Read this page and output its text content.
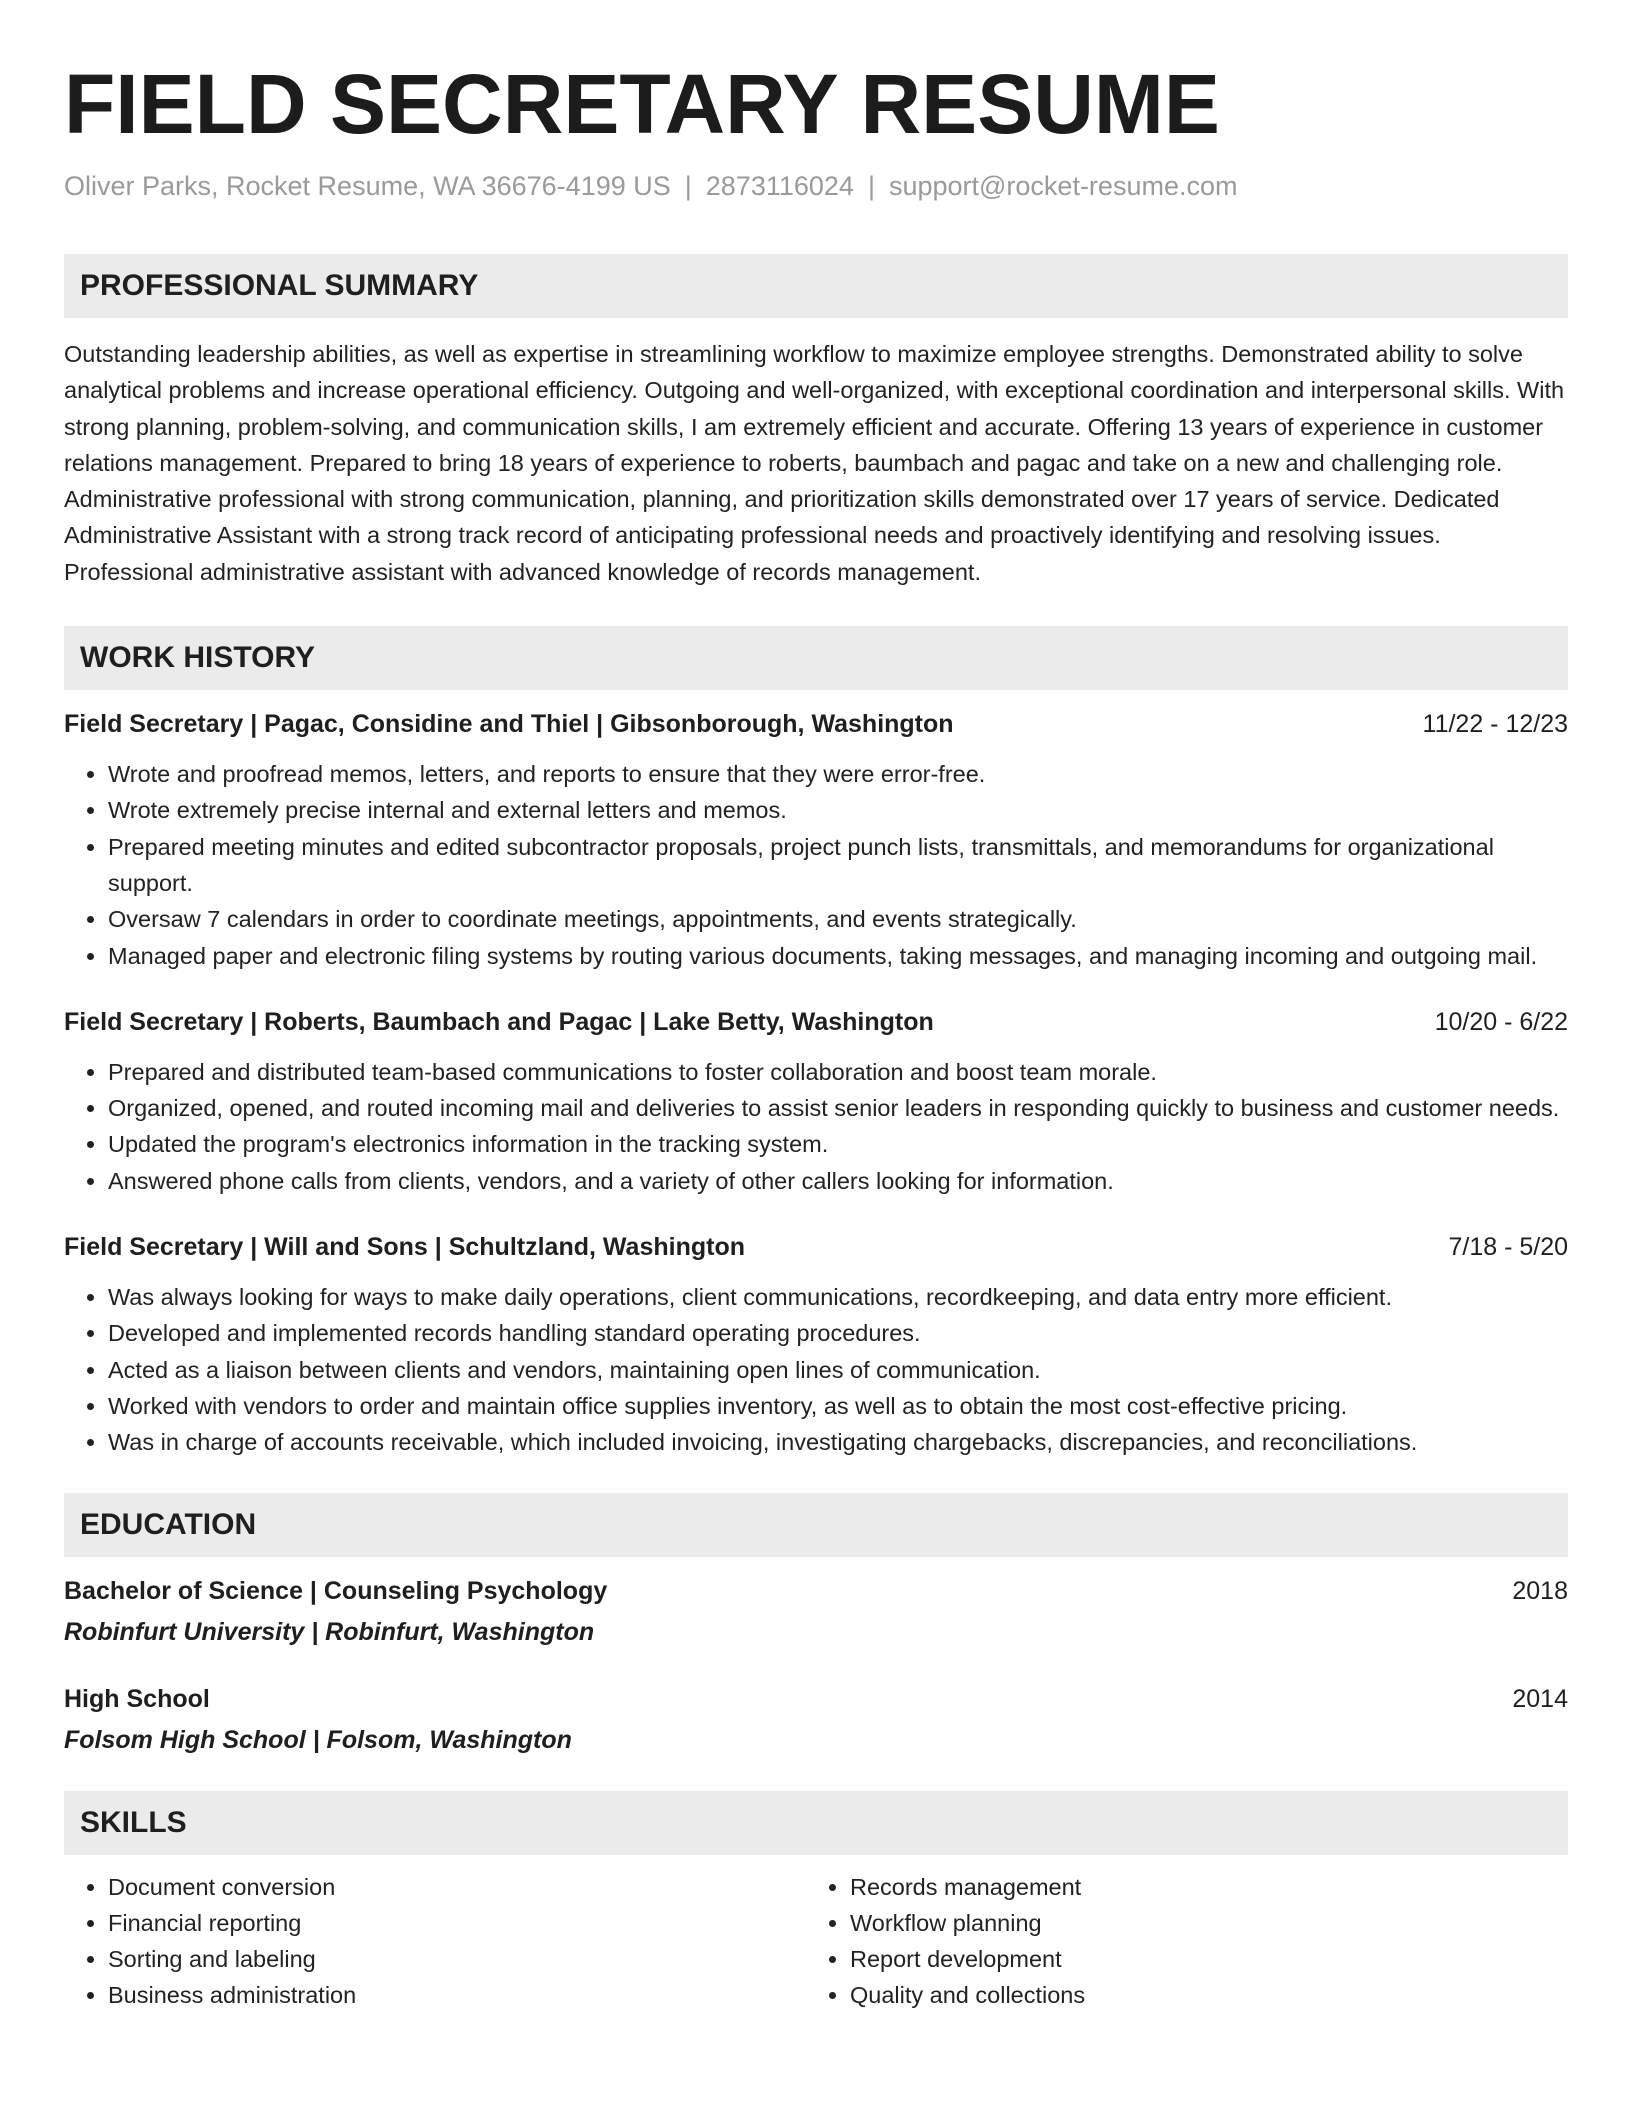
FIELD SECRETARY RESUME
Oliver Parks, Rocket Resume, WA 36676-4199 US | 2873116024 | support@rocket-resume.com
PROFESSIONAL SUMMARY
Outstanding leadership abilities, as well as expertise in streamlining workflow to maximize employee strengths. Demonstrated ability to solve analytical problems and increase operational efficiency. Outgoing and well-organized, with exceptional coordination and interpersonal skills. With strong planning, problem-solving, and communication skills, I am extremely efficient and accurate. Offering 13 years of experience in customer relations management. Prepared to bring 18 years of experience to roberts, baumbach and pagac and take on a new and challenging role. Administrative professional with strong communication, planning, and prioritization skills demonstrated over 17 years of service. Dedicated Administrative Assistant with a strong track record of anticipating professional needs and proactively identifying and resolving issues. Professional administrative assistant with advanced knowledge of records management.
WORK HISTORY
Field Secretary | Pagac, Considine and Thiel | Gibsonborough, Washington	11/22 - 12/23
• Wrote and proofread memos, letters, and reports to ensure that they were error-free.
• Wrote extremely precise internal and external letters and memos.
• Prepared meeting minutes and edited subcontractor proposals, project punch lists, transmittals, and memorandums for organizational support.
• Oversaw 7 calendars in order to coordinate meetings, appointments, and events strategically.
• Managed paper and electronic filing systems by routing various documents, taking messages, and managing incoming and outgoing mail.
Field Secretary | Roberts, Baumbach and Pagac | Lake Betty, Washington	10/20 - 6/22
• Prepared and distributed team-based communications to foster collaboration and boost team morale.
• Organized, opened, and routed incoming mail and deliveries to assist senior leaders in responding quickly to business and customer needs.
• Updated the program's electronics information in the tracking system.
• Answered phone calls from clients, vendors, and a variety of other callers looking for information.
Field Secretary | Will and Sons | Schultzland, Washington	7/18 - 5/20
• Was always looking for ways to make daily operations, client communications, recordkeeping, and data entry more efficient.
• Developed and implemented records handling standard operating procedures.
• Acted as a liaison between clients and vendors, maintaining open lines of communication.
• Worked with vendors to order and maintain office supplies inventory, as well as to obtain the most cost-effective pricing.
• Was in charge of accounts receivable, which included invoicing, investigating chargebacks, discrepancies, and reconciliations.
EDUCATION
Bachelor of Science | Counseling Psychology	2018
Robinfurt University | Robinfurt, Washington
High School	2014
Folsom High School | Folsom, Washington
SKILLS
• Document conversion
• Financial reporting
• Sorting and labeling
• Business administration
• Records management
• Workflow planning
• Report development
• Quality and collections
